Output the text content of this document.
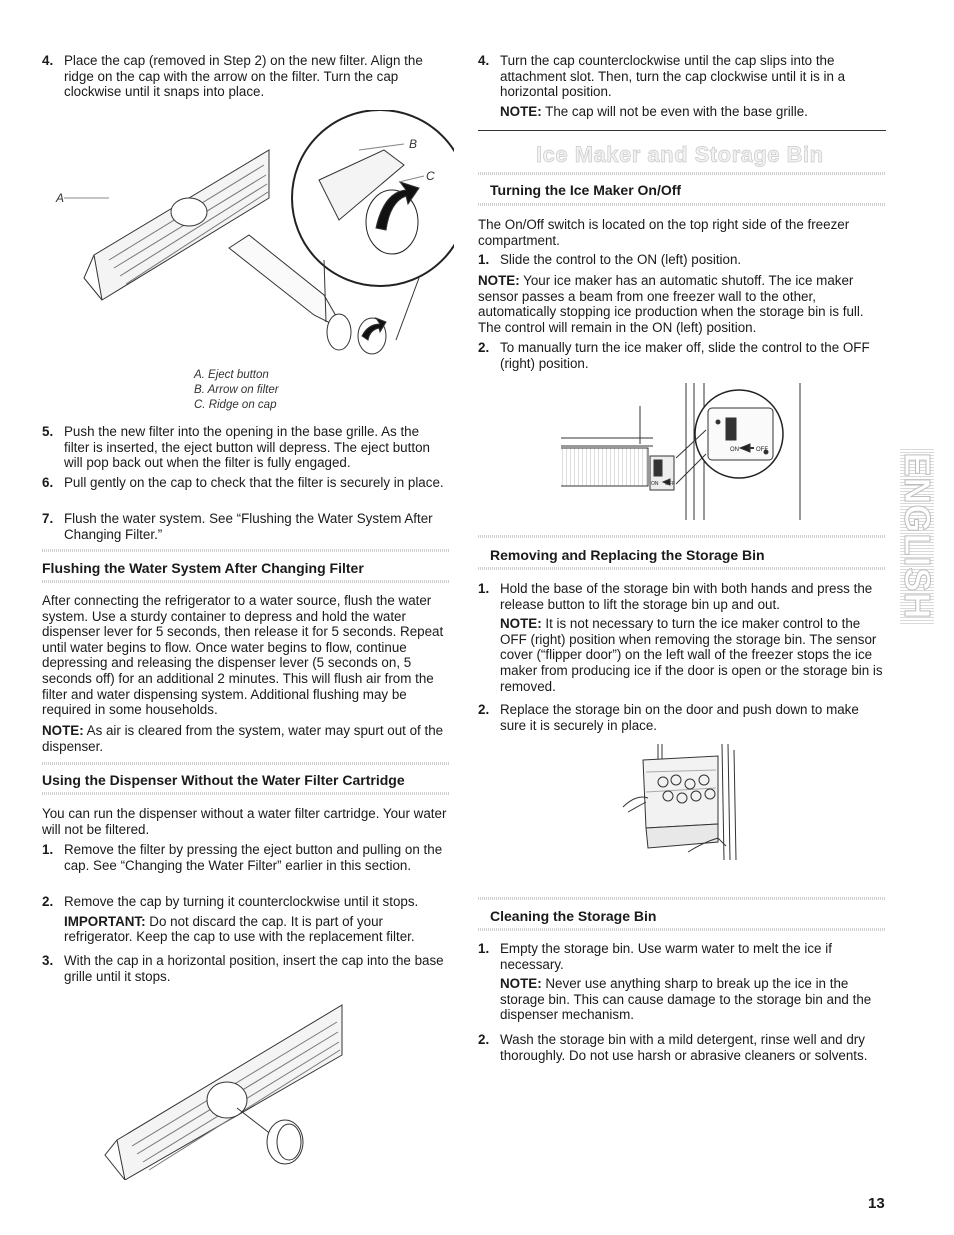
4. Place the cap (removed in Step 2) on the new filter. Align the ridge on the cap with the arrow on the filter. Turn the cap clockwise until it snaps into place.
A
B
C
A. Eject button
B. Arrow on filter
C. Ridge on cap
5. Push the new filter into the opening in the base grille. As the filter is inserted, the eject button will depress. The eject button will pop back out when the filter is fully engaged.
6. Pull gently on the cap to check that the filter is securely in place.
7. Flush the water system. See “Flushing the Water System After Changing Filter.”
Flushing the Water System After Changing Filter

After connecting the refrigerator to a water source, flush the water system. Use a sturdy container to depress and hold the water dispenser lever for 5 seconds, then release it for 5 seconds. Repeat until water begins to flow. Once water begins to flow, continue depressing and releasing the dispenser lever (5 seconds on, 5 seconds off) for an additional 2 minutes. This will flush air from the filter and water dispensing system. Additional flushing may be required in some households.

NOTE: As air is cleared from the system, water may spurt out of the dispenser.

Using the Dispenser Without the Water Filter Cartridge

You can run the dispenser without a water filter cartridge. Your water will not be filtered.

1. Remove the filter by pressing the eject button and pulling on the cap. See “Changing the Water Filter” earlier in this section.
2. Remove the cap by turning it counterclockwise until it stops.
IMPORTANT: Do not discard the cap. It is part of your refrigerator. Keep the cap to use with the replacement filter.
3. With the cap in a horizontal position, insert the cap into the base grille until it stops.
4. Turn the cap counterclockwise until the cap slips into the attachment slot. Then, turn the cap clockwise until it is in a horizontal position.
NOTE: The cap will not be even with the base grille.
Ice Maker and Storage Bin
Turning the Ice Maker On/Off

The On/Off switch is located on the top right side of the freezer compartment.

1. Slide the control to the ON (left) position.

NOTE: Your ice maker has an automatic shutoff. The ice maker sensor passes a beam from one freezer wall to the other, automatically stopping ice production when the storage bin is full. The control will remain in the ON (left) position.

2. To manually turn the ice maker off, slide the control to the OFF (right) position.
ON	OFF
ON OFF
Removing and Replacing the Storage Bin
1. Hold the base of the storage bin with both hands and press the release button to lift the storage bin up and out.
NOTE: It is not necessary to turn the ice maker control to the OFF (right) position when removing the storage bin. The sensor cover (“flipper door”) on the left wall of the freezer stops the ice maker from producing ice if the door is open or the storage bin is removed.
2. Replace the storage bin on the door and push down to make sure it is securely in place.
Cleaning the Storage Bin
1. Empty the storage bin. Use warm water to melt the ice if necessary.
NOTE: Never use anything sharp to break up the ice in the storage bin. This can cause damage to the storage bin and the dispenser mechanism.
2. Wash the storage bin with a mild detergent, rinse well and dry thoroughly. Do not use harsh or abrasive cleaners or solvents.
ENGLISH
13
